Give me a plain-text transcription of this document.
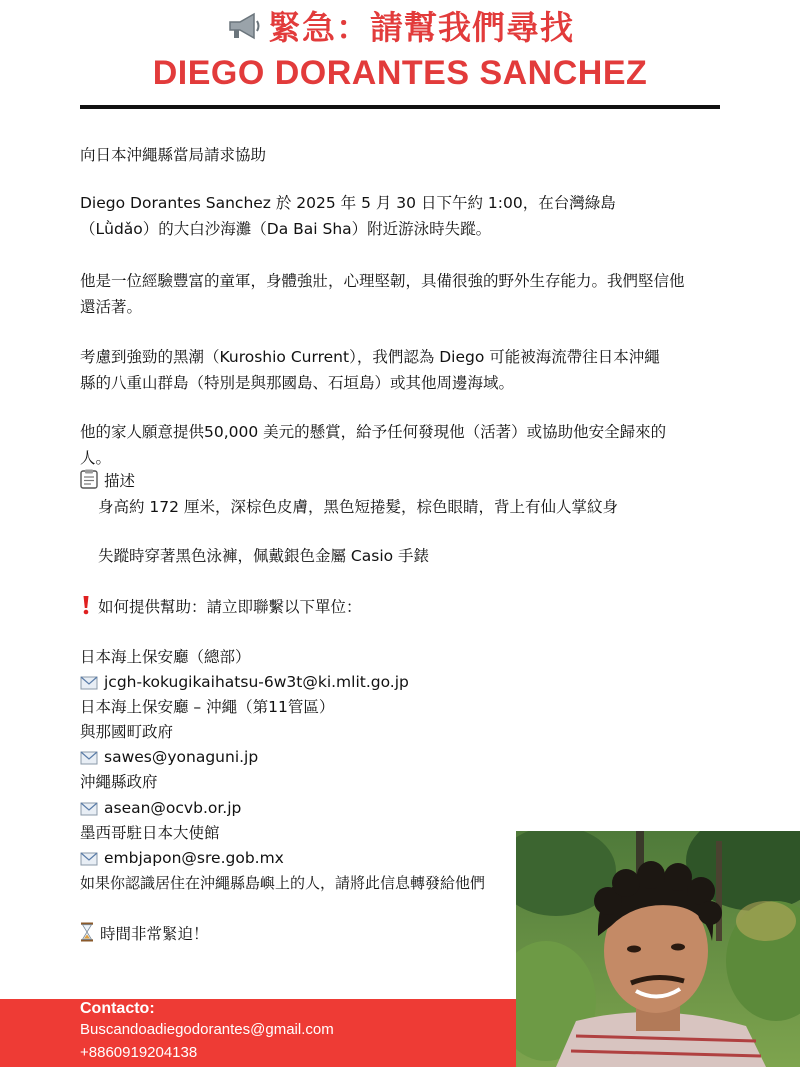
緊急：請幫我們尋找
DIEGO DORANTES SANCHEZ
向日本沖繩縣當局請求協助
Diego Dorantes Sanchez 於 2025 年 5 月 30 日下午約 1:00，在台灣綠島
（Lǜdǎo）的大白沙海灘（Da Bai Sha）附近游泳時失蹤。
他是一位經驗豐富的童軍，身體強壯，心理堅韌，具備很強的野外生存能力。我們堅信他
還活著。
考慮到強勁的黑潮（Kuroshio Current），我們認為 Diego 可能被海流帶往日本沖繩
縣的八重山群島（特別是與那國島、石垣島）或其他周邊海域。
他的家人願意提供50,000 美元的懸賞，給予任何發現他（活著）或協助他安全歸來的
人。
描述
身高約 172 厘米，深棕色皮膚，黑色短捲髮，棕色眼睛，背上有仙人掌紋身
失蹤時穿著黑色泳褲，佩戴銀色金屬 Casio 手錶
如何提供幫助：請立即聯繫以下單位：
日本海上保安廳（總部）
jcgh-kokugikaihatsu-6w3t@ki.mlit.go.jp
日本海上保安廳 – 沖繩（第11管區）
與那國町政府
sawes@yonaguni.jp
沖繩縣政府
asean@ocvb.or.jp
墨西哥駐日本大使館
embjapon@sre.gob.mx
如果你認識居住在沖繩縣島嶼上的人，請將此信息轉發給他們
時間非常緊迫！
Contacto:
Buscandoadiegodorantes@gmail.com
+8860919204138
